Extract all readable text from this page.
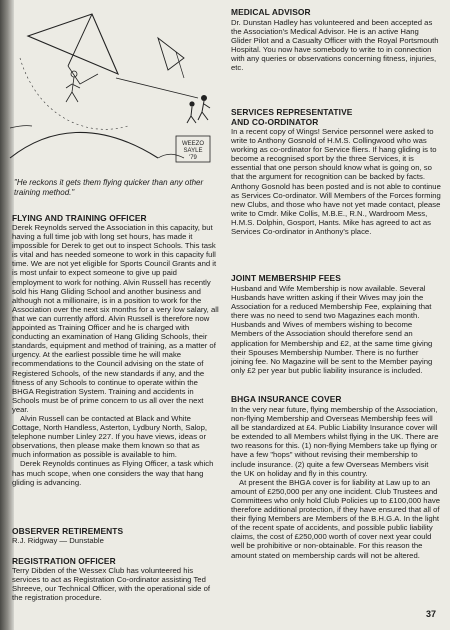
WEEZO
SAYLE
'79
"He reckons it gets them flying quicker than any other training method."
FLYING AND TRAINING OFFICER

Derek Reynolds served the Association in this capacity, but having a full time job with long set hours, has made it impossible for Derek to get out to inspect Schools. This task is vital and has needed someone to work in this capacity full time. We are not yet eligible for Sports Council Grants and it is most unfair to expect someone to give up paid employment to work for nothing. Alvin Russell has recently sold his Hang Gliding School and another business and although not a millionaire, is in a position to work for the Association over the next six months for a very low salary, all that we can currently afford. Alvin Russell is therefore now appointed as Training Officer and he is charged with conducting an examination of Hang Gliding Schools, their standards, equipment and method of training, as a matter of urgency. At the earliest possible time he will make recommendations to the Council advising on the state of Registered Schools, of the new standards if any, and the fitness of any Schools to continue to operate within the BHGA Registration System. Training and accidents in Schools must be of prime concern to us all over the next year.

Alvin Russell can be contacted at Black and White Cottage, North Handless, Asterton, Lydbury North, Salop, telephone number Linley 227. If you have views, ideas or observations, then please make them known so that as much information as possible is available to him.

Derek Reynolds continues as Flying Officer, a task which has much scope, when one considers the way that hang gliding is advancing.

OBSERVER RETIREMENTS
R.J. Ridgway — Dunstable
REGISTRATION OFFICER
Terry Dibden of the Wessex Club has volunteered his services to act as Registration Co-ordinator assisting Ted Shreeve, our Technical Officer, with the operational side of the registration procedure.
MEDICAL ADVISOR
Dr. Dunstan Hadley has volunteered and been accepted as the Association's Medical Advisor. He is an active Hang Glider Pilot and a Casualty Officer with the Royal Portsmouth Hospital. You now have somebody to write to in connection with any queries or observations concerning fitness, injuries, etc.
SERVICES REPRESENTATIVE
AND CO-ORDINATOR
In a recent copy of Wings! Service personnel were asked to write to Anthony Gosnold of H.M.S. Collingwood who was working as co-ordinator for Service fliers. If hang gliding is to become a recognised sport by the three Services, it is essential that one person should know what is going on, so that the argument for recognition can be backed by facts. Anthony Gosnold has been posted and is not able to continue as Services Co-ordinator. Will Members of the Forces forming new Clubs, and those who have not yet made contact, please write to Cmdr. Mike Collis, M.B.E., R.N., Wardroom Mess, H.M.S. Dolphin, Gosport, Hants. Mike has agreed to act as Services Co-ordinator in Anthony's place.
JOINT MEMBERSHIP FEES
Husband and Wife Membership is now available. Several Husbands have written asking if their Wives may join the Association for a reduced Membership Fee, explaining that there was no need to send two Magazines each month. Husbands and Wives of members wishing to become Members of the Association should therefore send an application for Membership and £2, at the same time giving their Spouses Membership Number. There is no further joining fee. No Magazine will be sent to the Member paying only £2 per year but public liability insurance is included.
BHGA INSURANCE COVER

In the very near future, flying membership of the Association, non-flying Membership and Overseas Membership fees will all be standardized at £4. Public Liability Insurance cover will be extended to all Members whilst flying in the UK. There are two reasons for this. (1) non-flying Members take up flying or have a few "hops" without revising their membership to include insurance. (2) quite a few Overseas Members visit the UK on holiday and fly in this country.

At present the BHGA cover is for liability at Law up to an amount of £250,000 per any one incident. Club Trustees and Committees who only hold Club Policies up to £100,000 have therefore additional protection, if they have ensured that all of their flying Members are Members of the B.H.G.A. In the light of the recent spate of accidents, and possible public liability claims, the cost of £250,000 worth of cover next year could well be prohibitive or non-obtainable. For this reason the amount stated on membership cards will not be altered.

37
